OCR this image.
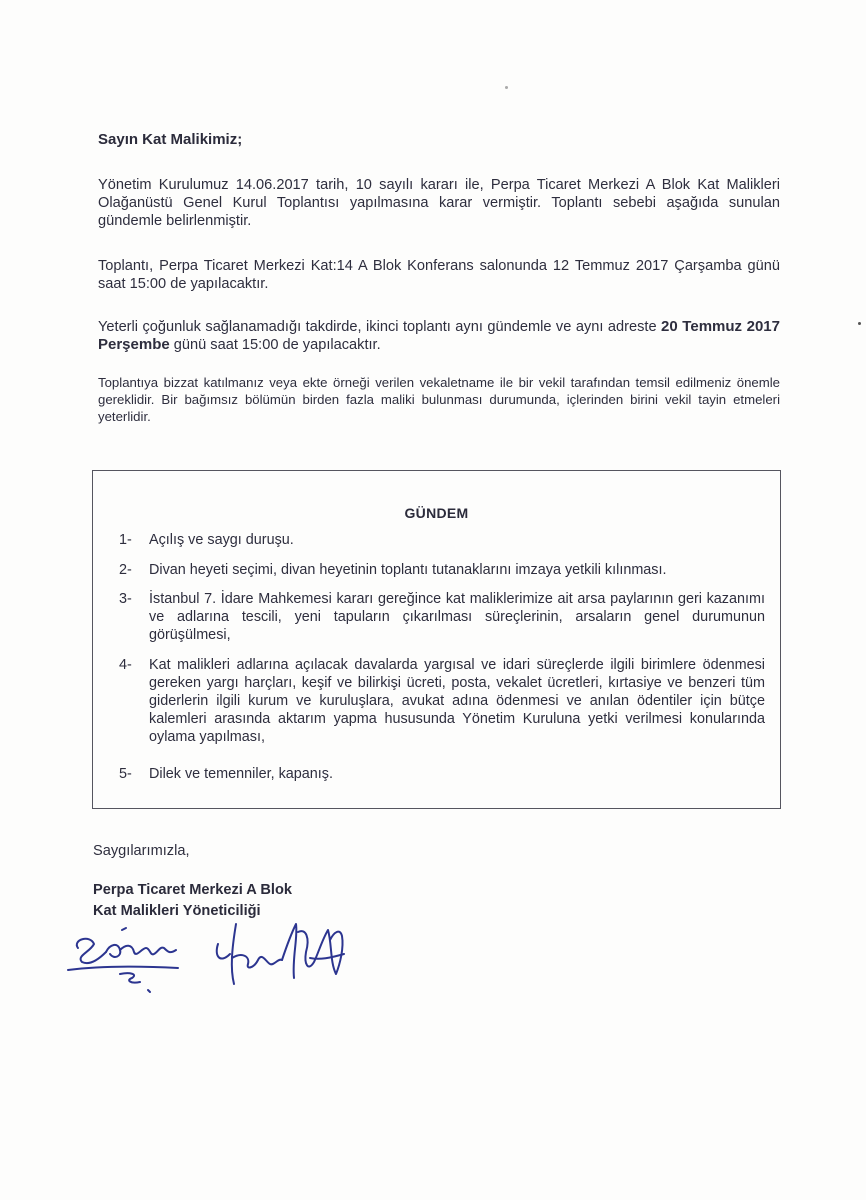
Sayın Kat Malikimiz;
Yönetim Kurulumuz 14.06.2017 tarih, 10 sayılı kararı ile, Perpa Ticaret Merkezi A Blok Kat Malikleri Olağanüstü Genel Kurul Toplantısı yapılmasına karar vermiştir. Toplantı sebebi aşağıda sunulan gündemle belirlenmiştir.
Toplantı, Perpa Ticaret Merkezi Kat:14 A Blok Konferans salonunda 12 Temmuz 2017 Çarşamba günü saat 15:00 de yapılacaktır.
Yeterli çoğunluk sağlanamadığı takdirde, ikinci toplantı aynı gündemle ve aynı adreste 20 Temmuz 2017 Perşembe günü saat 15:00 de yapılacaktır.
Toplantıya bizzat katılmanız veya ekte örneği verilen vekaletname ile bir vekil tarafından temsil edilmeniz önemle gereklidir. Bir bağımsız bölümün birden fazla maliki bulunması durumunda, içlerinden birini vekil tayin etmeleri yeterlidir.
GÜNDEM
1-	Açılış ve saygı duruşu.
2-	Divan heyeti seçimi, divan heyetinin toplantı tutanaklarını imzaya yetkili kılınması.
3-	İstanbul 7. İdare Mahkemesi kararı gereğince kat maliklerimize ait arsa paylarının geri kazanımı ve adlarına tescili, yeni tapuların çıkarılması süreçlerinin, arsaların genel durumunun görüşülmesi,
4-	Kat malikleri adlarına açılacak davalarda yargısal ve idari süreçlerde ilgili birimlere ödenmesi gereken yargı harçları, keşif ve bilirkişi ücreti, posta, vekalet ücretleri, kırtasiye ve benzeri tüm giderlerin ilgili kurum ve kuruluşlara, avukat adına ödenmesi ve anılan ödentiler için bütçe kalemleri arasında aktarım yapma hususunda Yönetim Kuruluna yetki verilmesi konularında oylama yapılması,
5-	Dilek ve temenniler, kapanış.
Saygılarımızla,
Perpa Ticaret Merkezi A Blok
Kat Malikleri Yöneticiliği
